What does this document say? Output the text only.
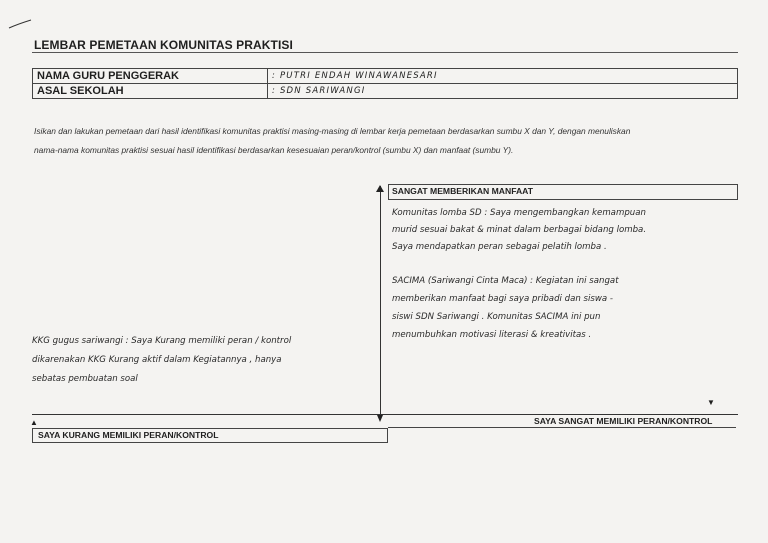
LEMBAR PEMETAAN KOMUNITAS PRAKTISI
NAMA GURU PENGGERAK	: PUTRI ENDAH WINAWANESARI
ASAL SEKOLAH	: SDN SARIWANGI

Isikan dan lakukan pemetaan dari hasil identifikasi komunitas praktisi masing-masing di lembar kerja pemetaan berdasarkan sumbu X dan Y, dengan menuliskan

nama-nama komunitas praktisi sesuai hasil identifikasi berdasarkan kesesuaian peran/kontrol (sumbu X) dan manfaat (sumbu Y).

SANGAT MEMBERIKAN MANFAAT
SAYA SANGAT MEMILIKI PERAN/KONTROL
▼
SAYA KURANG MEMILIKI PERAN/KONTROL
▲

KKG gugus sariwangi : Saya Kurang memiliki peran / kontrol

dikarenakan KKG Kurang aktif dalam Kegiatannya , hanya

sebatas pembuatan soal

Komunitas lomba SD : Saya mengembangkan kemampuan

murid sesuai bakat & minat dalam berbagai bidang lomba.

Saya mendapatkan peran sebagai pelatih lomba .

SACIMA (Sariwangi Cinta Maca) : Kegiatan ini sangat

memberikan manfaat bagi saya pribadi dan siswa -

siswi SDN Sariwangi . Komunitas SACIMA ini pun

menumbuhkan motivasi literasi & kreativitas .
